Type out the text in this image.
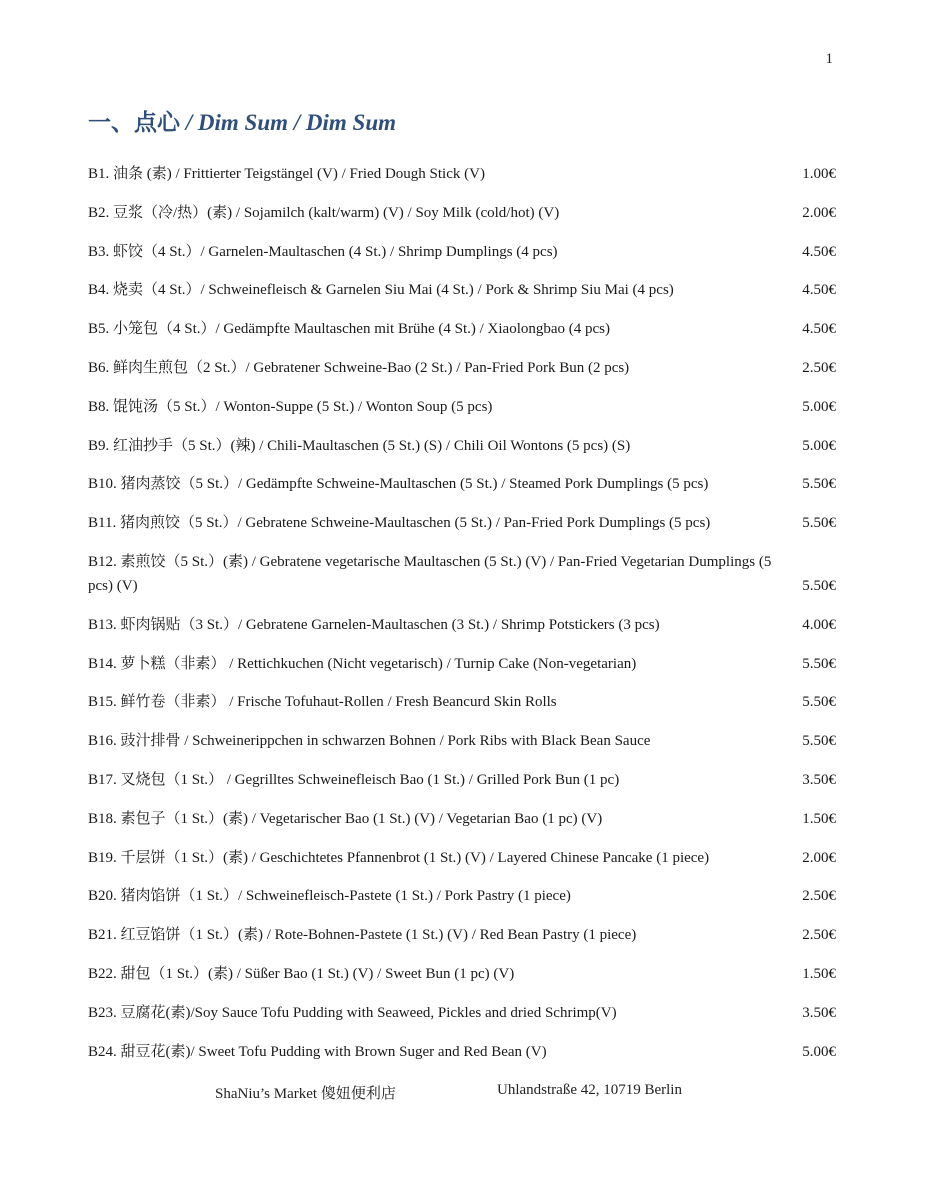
1
一、点心 / Dim Sum / Dim Sum
B1. 油条 (素) / Frittierter Teigstängel (V) / Fried Dough Stick (V)	1.00€
B2. 豆浆（冷/热）(素) / Sojamilch (kalt/warm) (V) / Soy Milk (cold/hot) (V)	2.00€
B3. 虾饺（4 St.）/ Garnelen-Maultaschen (4 St.) / Shrimp Dumplings (4 pcs)	4.50€
B4. 烧卖（4 St.）/ Schweinefleisch & Garnelen Siu Mai (4 St.) / Pork & Shrimp Siu Mai (4 pcs)	4.50€
B5. 小笼包（4 St.）/ Gedämpfte Maultaschen mit Brühe (4 St.) / Xiaolongbao (4 pcs)	4.50€
B6. 鲜肉生煎包（2 St.）/ Gebratener Schweine-Bao (2 St.) / Pan-Fried Pork Bun (2 pcs)	2.50€
B8. 馄饨汤（5 St.）/ Wonton-Suppe (5 St.) / Wonton Soup (5 pcs)	5.00€
B9. 红油抄手（5 St.）(辣) / Chili-Maultaschen (5 St.) (S) / Chili Oil Wontons (5 pcs) (S)	5.00€
B10. 猪肉蒸饺（5 St.）/ Gedämpfte Schweine-Maultaschen (5 St.) / Steamed Pork Dumplings (5 pcs)	5.50€
B11. 猪肉煎饺（5 St.）/ Gebratene Schweine-Maultaschen (5 St.) / Pan-Fried Pork Dumplings (5 pcs)	5.50€
B12. 素煎饺（5 St.）(素) / Gebratene vegetarische Maultaschen (5 St.) (V) / Pan-Fried Vegetarian Dumplings (5 pcs) (V)	5.50€
B13. 虾肉锅贴（3 St.）/ Gebratene Garnelen-Maultaschen (3 St.) / Shrimp Potstickers (3 pcs)	4.00€
B14. 萝卜糕（非素） / Rettichkuchen (Nicht vegetarisch) / Turnip Cake (Non-vegetarian)	5.50€
B15. 鲜竹卷（非素） / Frische Tofuhaut-Rollen / Fresh Beancurd Skin Rolls	5.50€
B16. 豉汁排骨 / Schweinerippchen in schwarzen Bohnen / Pork Ribs with Black Bean Sauce	5.50€
B17. 叉烧包（1 St.） / Gegrilltes Schweinefleisch Bao (1 St.) / Grilled Pork Bun (1 pc)	3.50€
B18. 素包子（1 St.）(素) / Vegetarischer Bao (1 St.) (V) / Vegetarian Bao (1 pc) (V)	1.50€
B19. 千层饼（1 St.）(素) / Geschichtetes Pfannenbrot (1 St.) (V) / Layered Chinese Pancake (1 piece)	2.00€
B20. 猪肉馅饼（1 St.）/ Schweinefleisch-Pastete (1 St.) / Pork Pastry (1 piece)	2.50€
B21. 红豆馅饼（1 St.）(素) / Rote-Bohnen-Pastete (1 St.) (V) / Red Bean Pastry (1 piece)	2.50€
B22. 甜包（1 St.）(素) / Süßer Bao (1 St.) (V) / Sweet Bun (1 pc) (V)	1.50€
B23. 豆腐花(素)/Soy Sauce Tofu Pudding with Seaweed, Pickles and dried Schrimp(V)	3.50€
B24. 甜豆花(素)/ Sweet Tofu Pudding with Brown Suger and Red Bean (V)	5.00€
ShaNiu’s Market 傻妞便利店	Uhlandstraße 42, 10719 Berlin
